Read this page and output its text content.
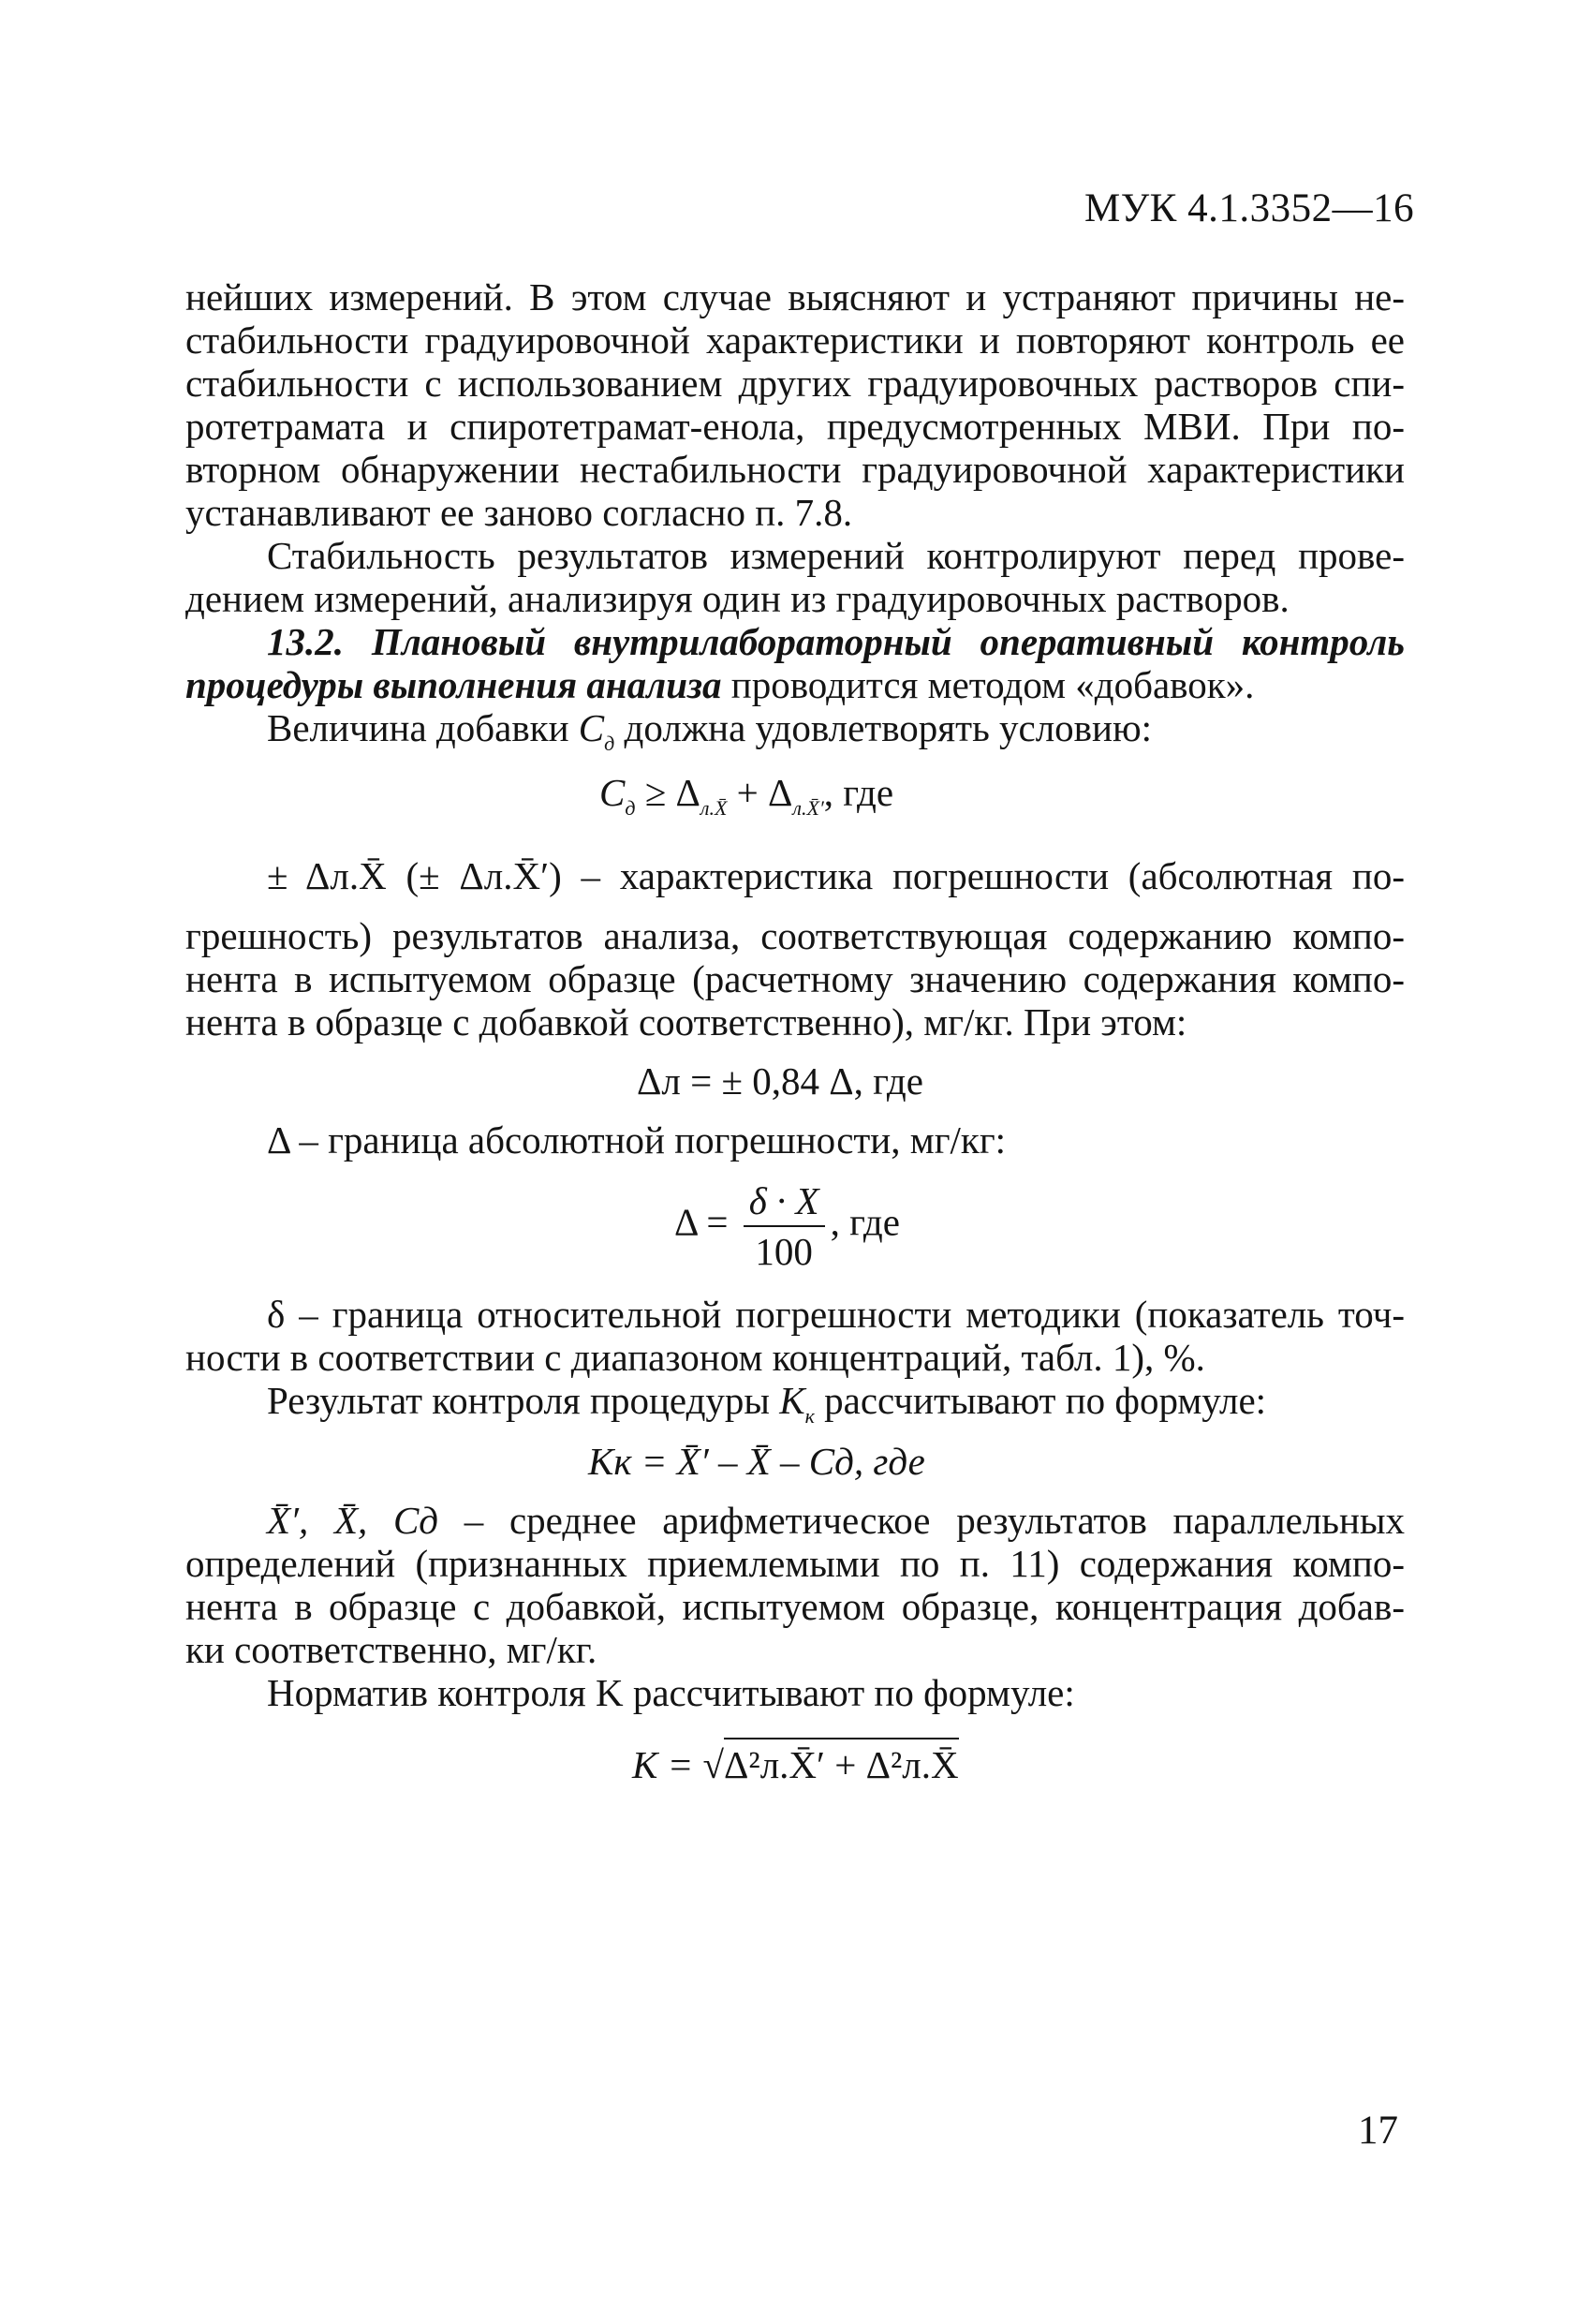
МУК 4.1.3352—16
нейших измерений. В этом случае выясняют и устраняют причины не-
стабильности градуировочной характеристики и повторяют контроль ее
стабильности с использованием других градуировочных растворов спи-
ротетрамата и спиротетрамат-енола, предусмотренных МВИ. При по-
вторном обнаружении нестабильности градуировочной характеристики
устанавливают ее заново согласно п. 7.8.
Стабильность результатов измерений контролируют перед прове-
дением измерений, анализируя один из градуировочных растворов.
13.2. Плановый внутрилабораторный оперативный контроль
процедуры выполнения анализа проводится методом «добавок».
Величина добавки $C_д$ должна удовлетворять условию:
$C_д \ge \Delta_{л.X̄} + \Delta_{л.X̄'}$, где
± Δл.X̄ (± Δл.X̄′) – характеристика погрешности (абсолютная по-
грешность) результатов анализа, соответствующая содержанию компо-
нента в испытуемом образце (расчетному значению содержания компо-
нента в образце с добавкой соответственно), мг/кг. При этом:
Δл = ± 0,84 Δ, где
Δ – граница абсолютной погрешности, мг/кг:
$\Delta = \frac{\delta \cdot X}{100}$ , где
δ – граница относительной погрешности методики (показатель точ-
ности в соответствии с диапазоном концентраций, табл. 1), %.
Результат контроля процедуры $K_к$ рассчитывают по формуле:
Kк = X̄′ – X̄ – Cд, где
X̄′, X̄, Cд – среднее арифметическое результатов параллельных
определений (признанных приемлемыми по п. 11) содержания компо-
нента в образце с добавкой, испытуемом образце, концентрация добав-
ки соответственно, мг/кг.
Норматив контроля K рассчитывают по формуле:
K = √Δ²л.X̄′ + Δ²л.X̄
17
